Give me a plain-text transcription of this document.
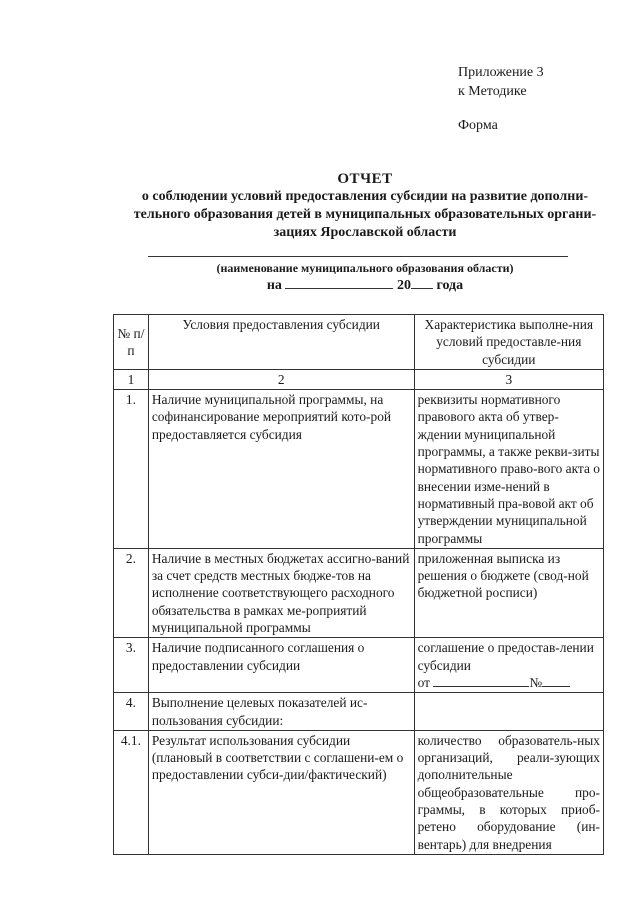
Приложение 3
к Методике
Форма
ОТЧЕТ
о соблюдении условий предоставления субсидии на развитие дополни-
тельного образования детей в муниципальных образовательных органи-
зациях Ярославской области
(наименование муниципального образования области)
на	20 года
№ п/п	Условия предоставления субсидии	Характеристика выполне-ния условий предоставле-ния субсидии
1	2	3
1.	Наличие муниципальной программы, на софинансирование мероприятий кото-рой предоставляется субсидия	реквизиты нормативного правового акта об утвер-ждении муниципальной программы, а также рекви-зиты нормативного право-вого акта о внесении изме-нений в нормативный пра-вовой акт об утверждении муниципальной программы
2.	Наличие в местных бюджетах ассигно-ваний за счет средств местных бюдже-тов на исполнение соответствующего расходного обязательства в рамках ме-роприятий муниципальной программы	приложенная выписка из решения о бюджете (свод-ной бюджетной росписи)
3.	Наличие подписанного соглашения о предоставлении субсидии	соглашение о предостав-лении субсидии
от №

4.	Выполнение целевых показателей ис-пользования субсидии:	
4.1.	Результат использования субсидии (плановый в соответствии с соглашени-ем о предоставлении субси-дии/фактический)	количество образователь-ных организаций, реали-зующих дополнительные общеобразовательные про-граммы, в которых приоб-ретено оборудование (ин-вентарь) для внедрения
